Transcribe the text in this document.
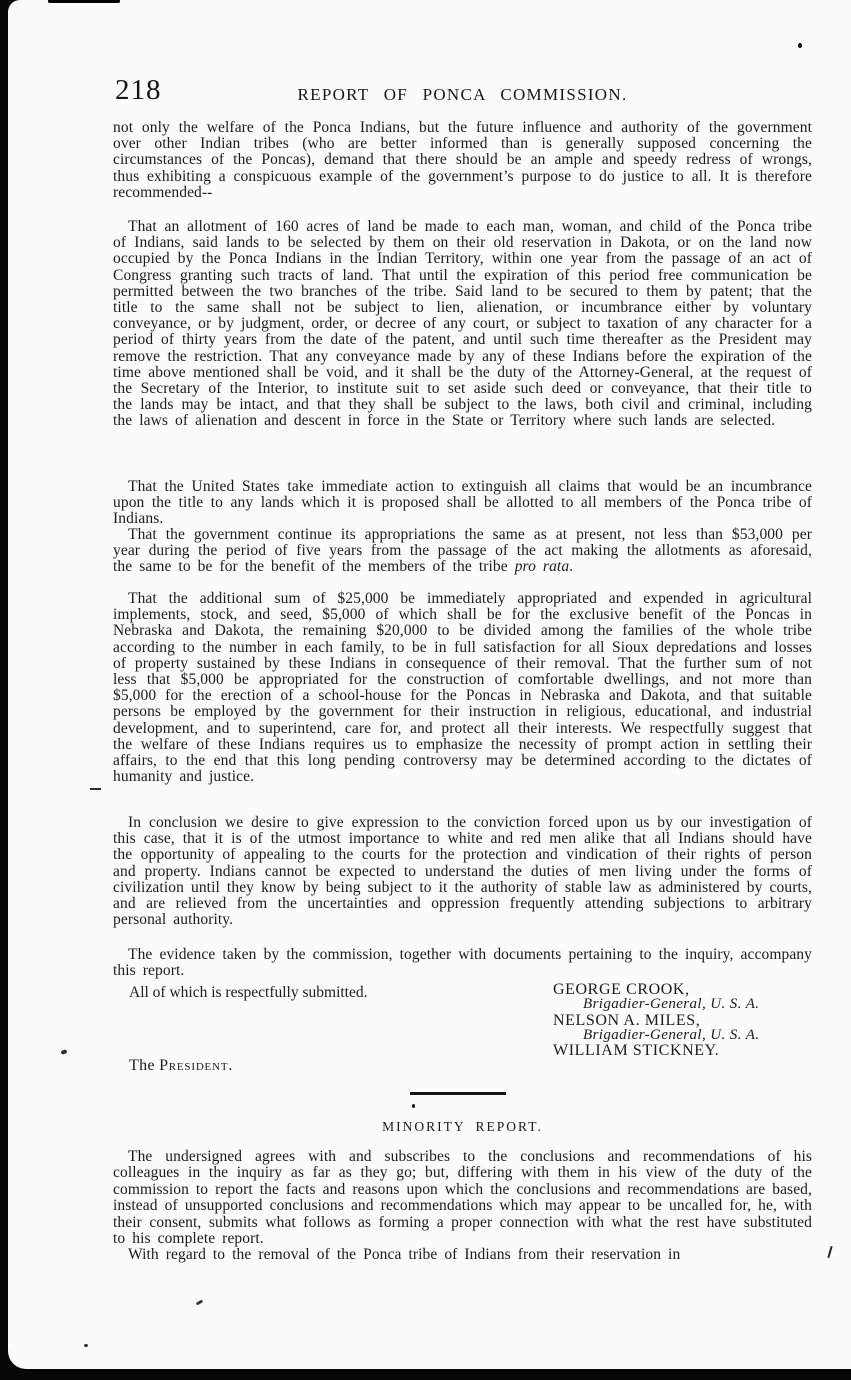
218	REPORT OF PONCA COMMISSION.

not only the welfare of the Ponca Indians, but the future influence and authority of the government over other Indian tribes (who are better informed than is generally supposed concerning the circumstances of the Poncas), demand that there should be an ample and speedy redress of wrongs, thus exhibiting a conspicuous example of the government’s purpose to do justice to all. It is therefore recommended--

That an allotment of 160 acres of land be made to each man, woman, and child of the Ponca tribe of Indians, said lands to be selected by them on their old reservation in Dakota, or on the land now occupied by the Ponca Indians in the Indian Territory, within one year from the passage of an act of Congress granting such tracts of land. That until the expiration of this period free communication be permitted between the two branches of the tribe. Said land to be secured to them by patent; that the title to the same shall not be subject to lien, alienation, or incumbrance either by voluntary conveyance, or by judgment, order, or decree of any court, or subject to taxation of any character for a period of thirty years from the date of the patent, and until such time thereafter as the President may remove the restriction. That any conveyance made by any of these Indians before the expiration of the time above mentioned shall be void, and it shall be the duty of the Attorney-General, at the request of the Secretary of the Interior, to institute suit to set aside such deed or conveyance, that their title to the lands may be intact, and that they shall be subject to the laws, both civil and criminal, including the laws of alienation and descent in force in the State or Territory where such lands are selected.

That the United States take immediate action to extinguish all claims that would be an incumbrance upon the title to any lands which it is proposed shall be allotted to all members of the Ponca tribe of Indians.

That the government continue its appropriations the same as at present, not less than $53,000 per year during the period of five years from the passage of the act making the allotments as aforesaid, the same to be for the benefit of the members of the tribe pro rata.

That the additional sum of $25,000 be immediately appropriated and expended in agricultural implements, stock, and seed, $5,000 of which shall be for the exclusive benefit of the Poncas in Nebraska and Dakota, the remaining $20,000 to be divided among the families of the whole tribe according to the number in each family, to be in full satisfaction for all Sioux depredations and losses of property sustained by these Indians in consequence of their removal. That the further sum of not less that $5,000 be appropriated for the construction of comfortable dwellings, and not more than $5,000 for the erection of a school-house for the Poncas in Nebraska and Dakota, and that suitable persons be employed by the government for their instruction in religious, educational, and industrial development, and to superintend, care for, and protect all their interests. We respectfully suggest that the welfare of these Indians requires us to emphasize the necessity of prompt action in settling their affairs, to the end that this long pending controversy may be determined according to the dictates of humanity and justice.

In conclusion we desire to give expression to the conviction forced upon us by our investigation of this case, that it is of the utmost importance to white and red men alike that all Indians should have the opportunity of appealing to the courts for the protection and vindication of their rights of person and property. Indians cannot be expected to understand the duties of men living under the forms of civilization until they know by being subject to it the authority of stable law as administered by courts, and are relieved from the uncertainties and oppression frequently attending subjections to arbitrary personal authority.

The evidence taken by the commission, together with documents pertaining to the inquiry, accompany this report.

All of which is respectfully submitted.	GEORGE CROOK,
Brigadier-General, U. S. A.
NELSON A. MILES,
Brigadier-General, U. S. A.
WILLIAM STICKNEY.
The President.
MINORITY REPORT.

The undersigned agrees with and subscribes to the conclusions and recommendations of his colleagues in the inquiry as far as they go; but, differing with them in his view of the duty of the commission to report the facts and reasons upon which the conclusions and recommendations are based, instead of unsupported conclusions and recommendations which may appear to be uncalled for, he, with their consent, submits what follows as forming a proper connection with what the rest have substituted to his complete report.

With regard to the removal of the Ponca tribe of Indians from their reservation in
